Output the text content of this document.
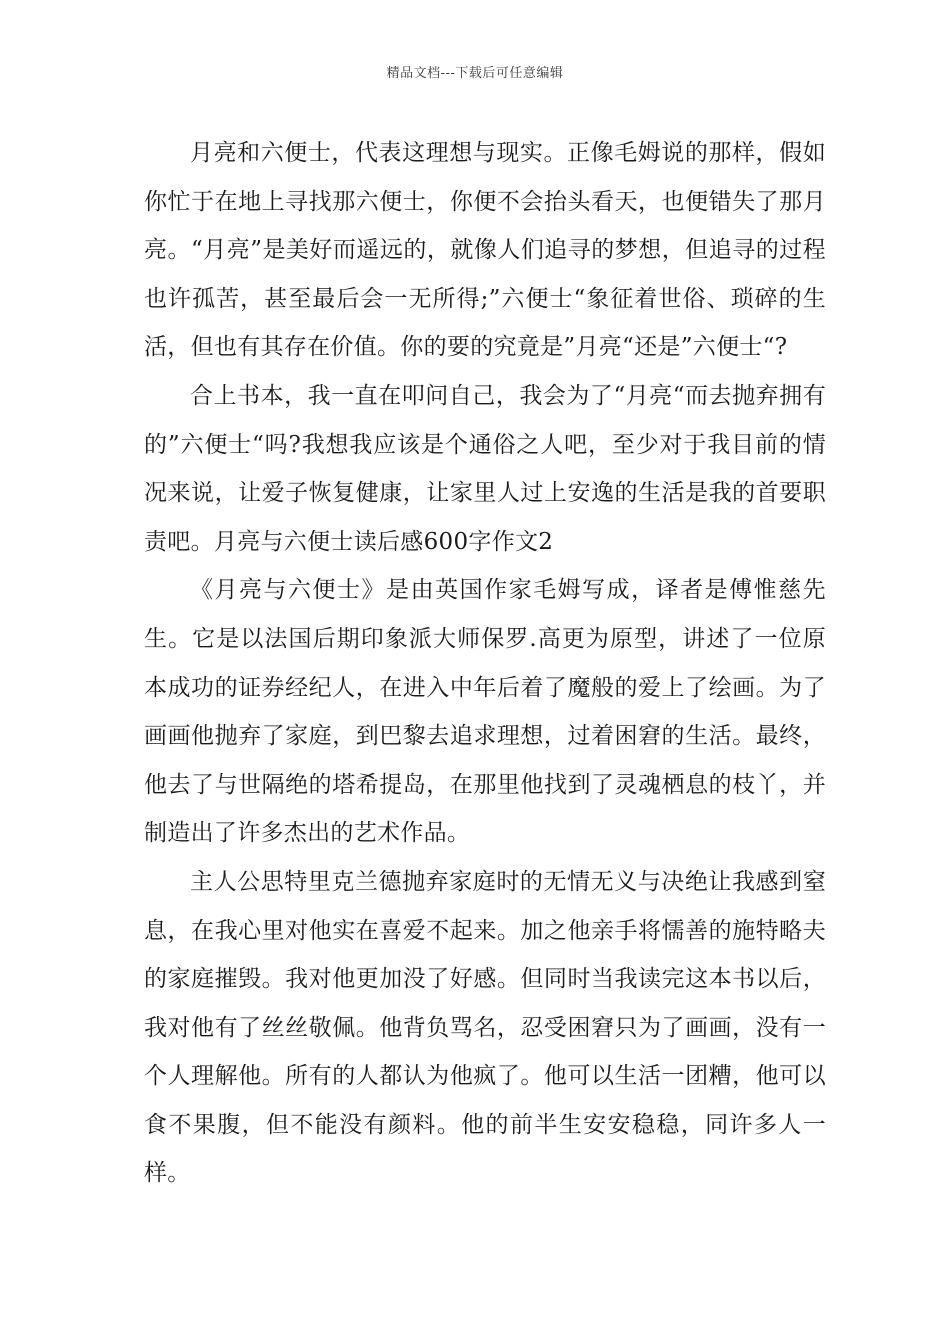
精品文档---下载后可任意编辑

月亮和六便士，代表这理想与现实。正像毛姆说的那样，假如你忙于在地上寻找那六便士，你便不会抬头看天，也便错失了那月亮。“月亮”是美好而遥远的，就像人们追寻的梦想，但追寻的过程也许孤苦，甚至最后会一无所得;”六便士“象征着世俗、琐碎的生活，但也有其存在价值。你的要的究竟是”月亮“还是”六便士“?

合上书本，我一直在叩问自己，我会为了“月亮“而去抛弃拥有的”六便士“吗?我想我应该是个通俗之人吧，至少对于我目前的情况来说，让爱子恢复健康，让家里人过上安逸的生活是我的首要职责吧。月亮与六便士读后感600字作文2

《月亮与六便士》是由英国作家毛姆写成，译者是傅惟慈先生。它是以法国后期印象派大师保罗.高更为原型，讲述了一位原本成功的证券经纪人，在进入中年后着了魔般的爱上了绘画。为了画画他抛弃了家庭，到巴黎去追求理想，过着困窘的生活。最终，他去了与世隔绝的塔希提岛，在那里他找到了灵魂栖息的枝丫，并制造出了许多杰出的艺术作品。

主人公思特里克兰德抛弃家庭时的无情无义与决绝让我感到窒息，在我心里对他实在喜爱不起来。加之他亲手将懦善的施特略夫的家庭摧毁。我对他更加没了好感。但同时当我读完这本书以后，我对他有了丝丝敬佩。他背负骂名，忍受困窘只为了画画，没有一个人理解他。所有的人都认为他疯了。他可以生活一团糟，他可以食不果腹，但不能没有颜料。他的前半生安安稳稳，同许多人一样。
